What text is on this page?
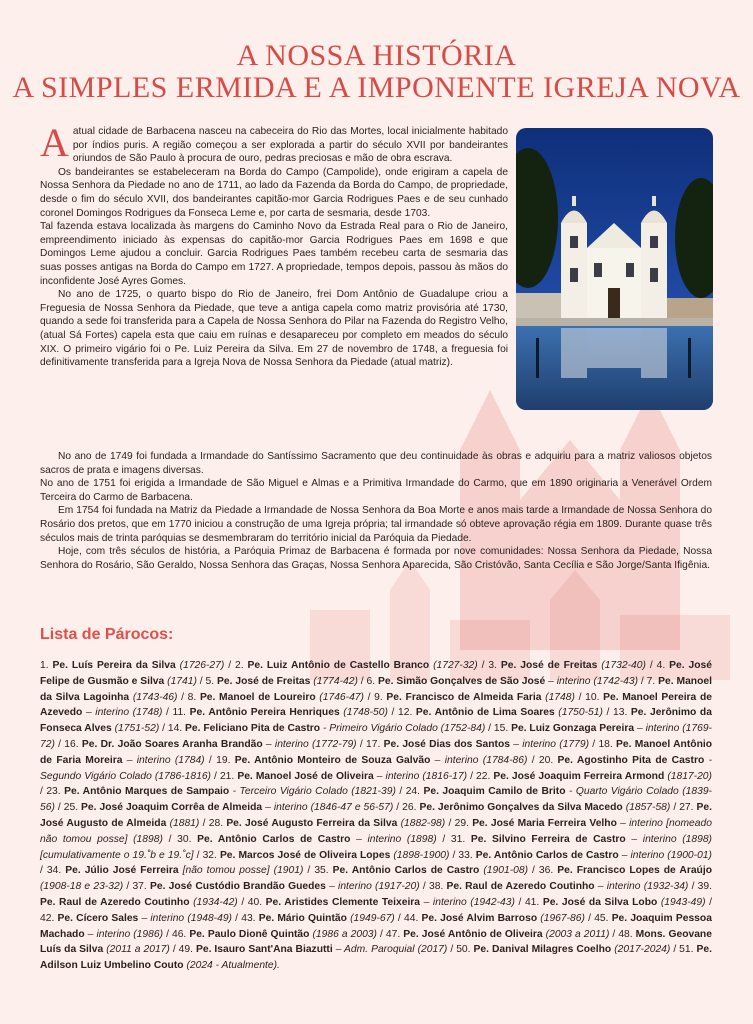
A NOSSA HISTÓRIA
A SIMPLES ERMIDA E A IMPONENTE IGREJA NOVA

Aatual cidade de Barbacena nasceu na cabeceira do Rio das Mortes, local inicialmente habitado por índios puris. A região começou a ser explorada a partir do século XVII por bandeirantes oriundos de São Paulo à procura de ouro, pedras preciosas e mão de obra escrava.

Os bandeirantes se estabeleceram na Borda do Campo (Campolide), onde erigiram a capela de Nossa Senhora da Piedade no ano de 1711, ao lado da Fazenda da Borda do Campo, de propriedade, desde o fim do século XVII, dos bandeirantes capitão-mor Garcia Rodrigues Paes e de seu cunhado coronel Domingos Rodrigues da Fonseca Leme e, por carta de sesmaria, desde 1703.

Tal fazenda estava localizada às margens do Caminho Novo da Estrada Real para o Rio de Janeiro, empreendimento iniciado às expensas do capitão-mor Garcia Rodrigues Paes em 1698 e que Domingos Leme ajudou a concluir. Garcia Rodrigues Paes também recebeu carta de sesmaria das suas posses antigas na Borda do Campo em 1727. A propriedade, tempos depois, passou às mãos do inconfidente José Ayres Gomes.

No ano de 1725, o quarto bispo do Rio de Janeiro, frei Dom Antônio de Guadalupe criou a Freguesia de Nossa Senhora da Piedade, que teve a antiga capela como matriz provisória até 1730, quando a sede foi transferida para a Capela de Nossa Senhora do Pilar na Fazenda do Registro Velho, (atual Sá Fortes) capela esta que caiu em ruínas e desapareceu por completo em meados do século XIX. O primeiro vigário foi o Pe. Luiz Pereira da Silva. Em 27 de novembro de 1748, a freguesia foi definitivamente transferida para a Igreja Nova de Nossa Senhora da Piedade (atual matriz).

No ano de 1749 foi fundada a Irmandade do Santíssimo Sacramento que deu continuidade às obras e adquiriu para a matriz valiosos objetos sacros de prata e imagens diversas.

No ano de 1751 foi erigida a Irmandade de São Miguel e Almas e a Primitiva Irmandade do Carmo, que em 1890 originaria a Venerável Ordem Terceira do Carmo de Barbacena.

Em 1754 foi fundada na Matriz da Piedade a Irmandade de Nossa Senhora da Boa Morte e anos mais tarde a Irmandade de Nossa Senhora do Rosário dos pretos, que em 1770 iniciou a construção de uma Igreja própria; tal irmandade só obteve aprovação régia em 1809. Durante quase três séculos mais de trinta paróquias se desmembraram do território inicial da Paróquia da Piedade.

Hoje, com três séculos de história, a Paróquia Primaz de Barbacena é formada por nove comunidades: Nossa Senhora da Piedade, Nossa Senhora do Rosário, São Geraldo, Nossa Senhora das Graças, Nossa Senhora Aparecida, São Cristóvão, Santa Cecília e São Jorge/Santa Ifigênia.

Lista de Párocos:
1. Pe. Luís Pereira da Silva (1726-27) / 2. Pe. Luiz Antônio de Castello Branco (1727-32) / 3. Pe. José de Freitas (1732-40) / 4. Pe. José Felipe de Gusmão e Silva (1741) / 5. Pe. José de Freitas (1774-42) / 6. Pe. Simão Gonçalves de São José – interino (1742-43) / 7. Pe. Manoel da Silva Lagoinha (1743-46) / 8. Pe. Manoel de Loureiro (1746-47) / 9. Pe. Francisco de Almeida Faria (1748) / 10. Pe. Manoel Pereira de Azevedo – interino (1748) / 11. Pe. Antônio Pereira Henriques (1748-50) / 12. Pe. Antônio de Lima Soares (1750-51) / 13. Pe. Jerônimo da Fonseca Alves (1751-52) / 14. Pe. Feliciano Pita de Castro - Primeiro Vigário Colado (1752-84) / 15. Pe. Luiz Gonzaga Pereira – interino (1769-72) / 16. Pe. Dr. João Soares Aranha Brandão – interino (1772-79) / 17. Pe. José Dias dos Santos – interino (1779) / 18. Pe. Manoel Antônio de Faria Moreira – interino (1784) / 19. Pe. Antônio Monteiro de Souza Galvão – interino (1784-86) / 20. Pe. Agostinho Pita de Castro - Segundo Vigário Colado (1786-1816) / 21. Pe. Manoel José de Oliveira – interino (1816-17) / 22. Pe. José Joaquim Ferreira Armond (1817-20) / 23. Pe. Antônio Marques de Sampaio - Terceiro Vigário Colado (1821-39) / 24. Pe. Joaquim Camilo de Brito - Quarto Vigário Colado (1839-56) / 25. Pe. José Joaquim Corrêa de Almeida – interino (1846-47 e 56-57) / 26. Pe. Jerônimo Gonçalves da Silva Macedo (1857-58) / 27. Pe. José Augusto de Almeida (1881) / 28. Pe. José Augusto Ferreira da Silva (1882-98) / 29. Pe. José Maria Ferreira Velho – interino [nomeado não tomou posse] (1898) / 30. Pe. Antônio Carlos de Castro – interino (1898) / 31. Pe. Silvino Ferreira de Castro – interino (1898) [cumulativamente o 19.˚b e 19.˚c] / 32. Pe. Marcos José de Oliveira Lopes (1898-1900) / 33. Pe. Antônio Carlos de Castro – interino (1900-01) / 34. Pe. Júlio José Ferreira [não tomou posse] (1901) / 35. Pe. Antônio Carlos de Castro (1901-08) / 36. Pe. Francisco Lopes de Araújo (1908-18 e 23-32) / 37. Pe. José Custódio Brandão Guedes – interino (1917-20) / 38. Pe. Raul de Azeredo Coutinho – interino (1932-34) / 39. Pe. Raul de Azeredo Coutinho (1934-42) / 40. Pe. Aristides Clemente Teixeira – interino (1942-43) / 41. Pe. José da Silva Lobo (1943-49) / 42. Pe. Cícero Sales – interino (1948-49) / 43. Pe. Mário Quintão (1949-67) / 44. Pe. José Alvim Barroso (1967-86) / 45. Pe. Joaquim Pessoa Machado – interino (1986) / 46. Pe. Paulo Dionê Quintão (1986 a 2003) / 47. Pe. José Antônio de Oliveira (2003 a 2011) / 48. Mons. Geovane Luís da Silva (2011 a 2017) / 49. Pe. Isauro Sant'Ana Biazutti – Adm. Paroquial (2017) / 50. Pe. Danival Milagres Coelho (2017-2024) / 51. Pe. Adilson Luiz Umbelino Couto (2024 - Atualmente).
